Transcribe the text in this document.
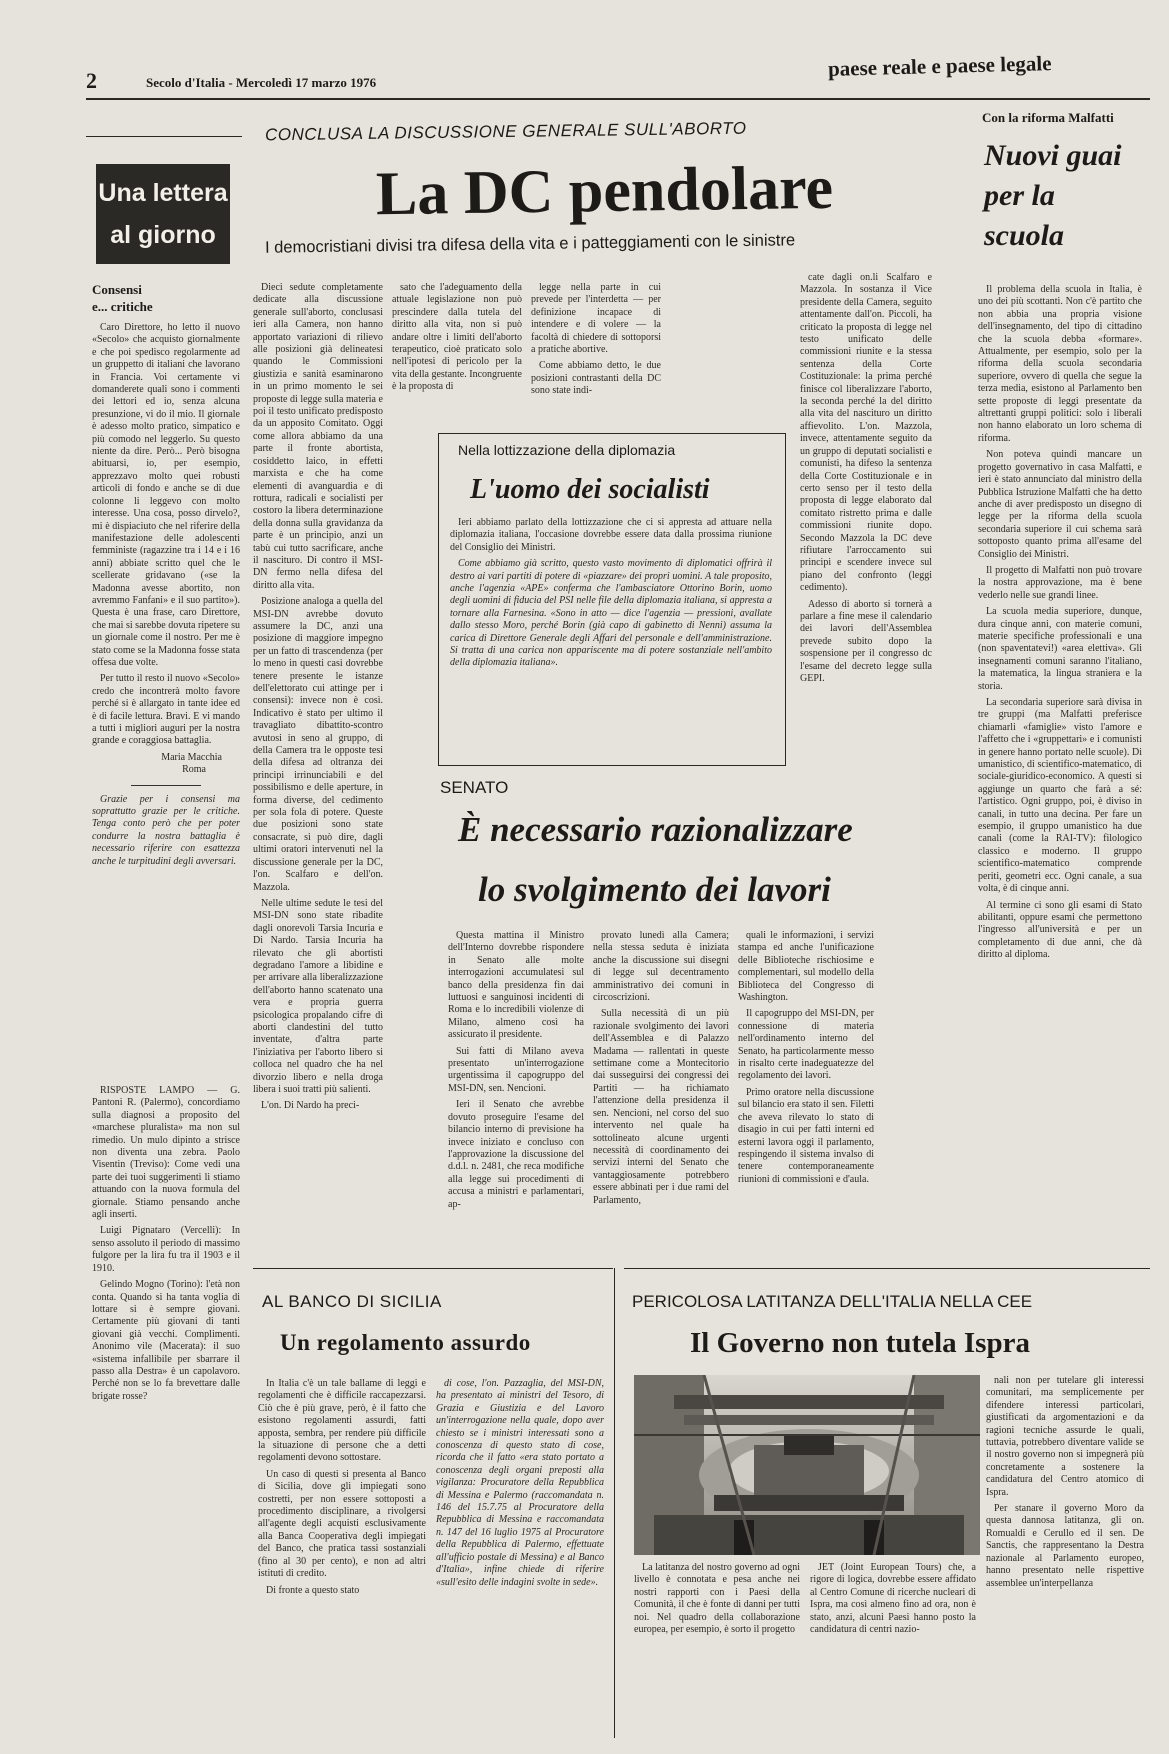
2	Secolo d'Italia - Mercoledì 17 marzo 1976
paese reale e paese legale
Una lettera
al giorno
Consensi
e... critiche

Caro Direttore, ho letto il nuovo «Secolo» che acquisto giornalmente e che poi spedisco regolarmente ad un gruppetto di italiani che lavorano in Francia. Voi certamente vi domanderete quali sono i commenti dei lettori ed io, senza alcuna presunzione, vi do il mio. Il giornale è adesso molto pratico, simpatico e più comodo nel leggerlo. Su questo niente da dire. Però... Però bisogna abituarsi, io, per esempio, apprezzavo molto quei robusti articoli di fondo e anche se di due colonne li leggevo con molto interesse. Una cosa, posso dirvelo?, mi è dispiaciuto che nel riferire della manifestazione delle adolescenti femministe (ragazzine tra i 14 e i 16 anni) abbiate scritto quel che le scellerate gridavano («se la Madonna avesse abortito, non avremmo Fanfani» e il suo partito»). Questa è una frase, caro Direttore, che mai si sarebbe dovuta ripetere su un giornale come il nostro. Per me è stato come se la Madonna fosse stata offesa due volte.

Per tutto il resto il nuovo «Secolo» credo che incontrerà molto favore perché si è allargato in tante idee ed è di facile lettura. Bravi. E vi mando a tutti i migliori auguri per la nostra grande e coraggiosa battaglia.

Maria Macchia
Roma

Grazie per i consensi ma soprattutto grazie per le critiche. Tenga conto però che per poter condurre la nostra battaglia è necessario riferire con esattezza anche le turpitudini degli avversari.

RISPOSTE LAMPO — G. Pantoni R. (Palermo), concordiamo sulla diagnosi a proposito del «marchese pluralista» ma non sul rimedio. Un mulo dipinto a strisce non diventa una zebra. Paolo Visentin (Treviso): Come vedi una parte dei tuoi suggerimenti li stiamo attuando con la nuova formula del giornale. Stiamo pensando anche agli inserti.

Luigi Pignataro (Vercelli): In senso assoluto il periodo di massimo fulgore per la lira fu tra il 1903 e il 1910.

Gelindo Mogno (Torino): l'età non conta. Quando si ha tanta voglia di lottare si è sempre giovani. Certamente più giovani di tanti giovani già vecchi. Complimenti. Anonimo vile (Macerata): il suo «sistema infallibile per sbarrare il passo alla Destra» è un capolavoro. Perché non se lo fa brevettare dalle brigate rosse?

CONCLUSA LA DISCUSSIONE GENERALE SULL'ABORTO
La DC pendolare
I democristiani divisi tra difesa della vita e i patteggiamenti con le sinistre

Dieci sedute completamente dedicate alla discussione generale sull'aborto, conclusasi ieri alla Camera, non hanno apportato variazioni di rilievo alle posizioni già delineatesi quando le Commissioni giustizia e sanità esaminarono in un primo momento le sei proposte di legge sulla materia e poi il testo unificato predisposto da un apposito Comitato. Oggi come allora abbiamo da una parte il fronte abortista, cosiddetto laico, in effetti marxista e che ha come elementi di avanguardia e di rottura, radicali e socialisti per costoro la libera determinazione della donna sulla gravidanza da parte è un principio, anzi un tabù cui tutto sacrificare, anche il nascituro. Di contro il MSI-DN fermo nella difesa del diritto alla vita.

Posizione analoga a quella del MSI-DN avrebbe dovuto assumere la DC, anzi una posizione di maggiore impegno per un fatto di trascendenza (per lo meno in questi casi dovrebbe tenere presente le istanze dell'elettorato cui attinge per i consensi): invece non è così. Indicativo è stato per ultimo il travagliato dibattito-scontro avutosi in seno al gruppo, di della Camera tra le opposte tesi della difesa ad oltranza dei principi irrinunciabili e del possibilismo e delle aperture, in forma diverse, del cedimento per sola fola di potere. Queste due posizioni sono state consacrate, si può dire, dagli ultimi oratori intervenuti nel la discussione generale per la DC, l'on. Scalfaro e dell'on. Mazzola.

Nelle ultime sedute le tesi del MSI-DN sono state ribadite dagli onorevoli Tarsia Incuria e Di Nardo. Tarsia Incuria ha rilevato che gli abortisti degradano l'amore a libidine e per arrivare alla liberalizzazione dell'aborto hanno scatenato una vera e propria guerra psicologica propalando cifre di aborti clandestini del tutto inventate, d'altra parte l'iniziativa per l'aborto libero si colloca nel quadro che ha nel divorzio libero e nella droga libera i suoi tratti più salienti.

L'on. Di Nardo ha preci-

sato che l'adeguamento della attuale legislazione non può prescindere dalla tutela del diritto alla vita, non si può andare oltre i limiti dell'aborto terapeutico, cioè praticato solo nell'ipotesi di pericolo per la vita della gestante. Incongruente è la proposta di

legge nella parte in cui prevede per l'interdetta — per definizione incapace di intendere e di volere — la facoltà di chiedere di sottoporsi a pratiche abortive.

Come abbiamo detto, le due posizioni contrastanti della DC sono state indi-

cate dagli on.li Scalfaro e Mazzola. In sostanza il Vice presidente della Camera, seguito attentamente dall'on. Piccoli, ha criticato la proposta di legge nel testo unificato delle commissioni riunite e la stessa sentenza della Corte Costituzionale: la prima perché finisce col liberalizzare l'aborto, la seconda perché la del diritto alla vita del nascituro un diritto affievolito. L'on. Mazzola, invece, attentamente seguito da un gruppo di deputati socialisti e comunisti, ha difeso la sentenza della Corte Costituzionale e in certo senso per il testo della proposta di legge elaborato dal comitato ristretto prima e dalle commissioni riunite dopo. Secondo Mazzola la DC deve rifiutare l'arroccamento sui principi e scendere invece sul piano del confronto (leggi cedimento).

Adesso di aborto si tornerà a parlare a fine mese il calendario dei lavori dell'Assemblea prevede subito dopo la sospensione per il congresso dc l'esame del decreto legge sulla GEPI.

Nella lottizzazione della diplomazia
L'uomo dei socialisti

Ieri abbiamo parlato della lottizzazione che ci si appresta ad attuare nella diplomazia italiana, l'occasione dovrebbe essere data dalla prossima riunione del Consiglio dei Ministri.

Come abbiamo già scritto, questo vasto movimento di diplomatici offrirà il destro ai vari partiti di potere di «piazzare» dei propri uomini. A tale proposito, anche l'agenzia «APE» conferma che l'ambasciatore Ottorino Borin, uomo degli uomini di fiducia del PSI nelle file della diplomazia italiana, si appresta a tornare alla Farnesina. «Sono in atto — dice l'agenzia — pressioni, avallate dallo stesso Moro, perché Borin (già capo di gabinetto di Nenni) assuma la carica di Direttore Generale degli Affari del personale e dell'amministrazione. Si tratta di una carica non appariscente ma di potere sostanziale nell'ambito della diplomazia italiana».

SENATO
È necessario razionalizzare
lo svolgimento dei lavori

Questa mattina il Ministro dell'Interno dovrebbe rispondere in Senato alle molte interrogazioni accumulatesi sul banco della presidenza fin dai luttuosi e sanguinosi incidenti di Roma e lo incredibili violenze di Milano, almeno così ha assicurato il presidente.

Sui fatti di Milano aveva presentato un'interrogazione urgentissima il capogruppo del MSI-DN, sen. Nencioni.

Ieri il Senato che avrebbe dovuto proseguire l'esame del bilancio interno di previsione ha invece iniziato e concluso con l'approvazione la discussione del d.d.l. n. 2481, che reca modifiche alla legge sui procedimenti di accusa a ministri e parlamentari, ap-

provato lunedì alla Camera; nella stessa seduta è iniziata anche la discussione sui disegni di legge sul decentramento amministrativo dei comuni in circoscrizioni.

Sulla necessità di un più razionale svolgimento dei lavori dell'Assemblea e di Palazzo Madama — rallentati in queste settimane come a Montecitorio dai susseguirsi dei congressi dei Partiti — ha richiamato l'attenzione della presidenza il sen. Nencioni, nel corso del suo intervento nel quale ha sottolineato alcune urgenti necessità di coordinamento dei servizi interni del Senato che vantaggiosamente potrebbero essere abbinati per i due rami del Parlamento,

quali le informazioni, i servizi stampa ed anche l'unificazione delle Biblioteche rischiosime e complementari, sul modello della Biblioteca del Congresso di Washington.

Il capogruppo del MSI-DN, per connessione di materia nell'ordinamento interno del Senato, ha particolarmente messo in risalto certe inadeguatezze del regolamento dei lavori.

Primo oratore nella discussione sul bilancio era stato il sen. Filetti che aveva rilevato lo stato di disagio in cui per fatti interni ed esterni lavora oggi il parlamento, respingendo il sistema invalso di tenere contemporaneamente riunioni di commissioni e d'aula.

Con la riforma Malfatti
Nuovi guai
per la
scuola

Il problema della scuola in Italia, è uno dei più scottanti. Non c'è partito che non abbia una propria visione dell'insegnamento, del tipo di cittadino che la scuola debba «formare». Attualmente, per esempio, solo per la riforma della scuola secondaria superiore, ovvero di quella che segue la terza media, esistono al Parlamento ben sette proposte di leggi presentate da altrettanti gruppi politici: solo i liberali non hanno elaborato un loro schema di riforma.

Non poteva quindi mancare un progetto governativo in casa Malfatti, e ieri è stato annunciato dal ministro della Pubblica Istruzione Malfatti che ha detto anche di aver predisposto un disegno di legge per la riforma della scuola secondaria superiore il cui schema sarà sottoposto quanto prima all'esame del Consiglio dei Ministri.

Il progetto di Malfatti non può trovare la nostra approvazione, ma è bene vederlo nelle sue grandi linee.

La scuola media superiore, dunque, dura cinque anni, con materie comuni, materie specifiche professionali e una (non spaventatevi!) «area elettiva». Gli insegnamenti comuni saranno l'italiano, la matematica, la lingua straniera e la storia.

La secondaria superiore sarà divisa in tre gruppi (ma Malfatti preferisce chiamarli «famiglie» visto l'amore e l'affetto che i «gruppettari» e i comunisti in genere hanno portato nelle scuole). Di umanistico, di scientifico-matematico, di sociale-giuridico-economico. A questi si aggiunge un quarto che farà a sé: l'artistico. Ogni gruppo, poi, è diviso in canali, in tutto una decina. Per fare un esempio, il gruppo umanistico ha due canali (come la RAI-TV): filologico classico e moderno. Il gruppo scientifico-matematico comprende periti, geometri ecc. Ogni canale, a sua volta, è di cinque anni.

Al termine ci sono gli esami di Stato abilitanti, oppure esami che permettono l'ingresso all'università e per un completamento di due anni, che dà diritto al diploma.

AL BANCO DI SICILIA
Un regolamento assurdo

In Italia c'è un tale ballame di leggi e regolamenti che è difficile raccapezzarsi. Ciò che è più grave, però, è il fatto che esistono regolamenti assurdi, fatti apposta, sembra, per rendere più difficile la situazione di persone che a detti regolamenti devono sottostare.

Un caso di questi si presenta al Banco di Sicilia, dove gli impiegati sono costretti, per non essere sottoposti a procedimento disciplinare, a rivolgersi all'agente degli acquisti esclusivamente alla Banca Cooperativa degli impiegati del Banco, che pratica tassi sostanziali (fino al 30 per cento), e non ad altri istituti di credito.

Di fronte a questo stato

di cose, l'on. Pazzaglia, del MSI-DN, ha presentato ai ministri del Tesoro, di Grazia e Giustizia e del Lavoro un'interrogazione nella quale, dopo aver chiesto se i ministri interessati sono a conoscenza di questo stato di cose, ricorda che il fatto «era stato portato a conoscenza degli organi preposti alla vigilanza: Procuratore della Repubblica di Messina e Palermo (raccomandata n. 146 del 15.7.75 al Procuratore della Repubblica di Messina e raccomandata n. 147 del 16 luglio 1975 al Procuratore della Repubblica di Palermo, effettuate all'ufficio postale di Messina) e al Banco d'Italia», infine chiede di riferire «sull'esito delle indagini svolte in sede».

PERICOLOSA LATITANZA DELL'ITALIA NELLA CEE
Il Governo non tutela Ispra

La latitanza del nostro governo ad ogni livello è connotata e pesa anche nei nostri rapporti con i Paesi della Comunità, il che è fonte di danni per tutti noi. Nel quadro della collaborazione europea, per esempio, è sorto il progetto

JET (Joint European Tours) che, a rigore di logica, dovrebbe essere affidato al Centro Comune di ricerche nucleari di Ispra, ma così almeno fino ad ora, non è stato, anzi, alcuni Paesi hanno posto la candidatura di centri nazio-

nali non per tutelare gli interessi comunitari, ma semplicemente per difendere interessi particolari, giustificati da argomentazioni e da ragioni tecniche assurde le quali, tuttavia, potrebbero diventare valide se il nostro governo non si impegnerà più concretamente a sostenere la candidatura del Centro atomico di Ispra.

Per stanare il governo Moro da questa dannosa latitanza, gli on. Romualdi e Cerullo ed il sen. De Sanctis, che rappresentano la Destra nazionale al Parlamento europeo, hanno presentato nelle rispettive assemblee un'interpellanza
